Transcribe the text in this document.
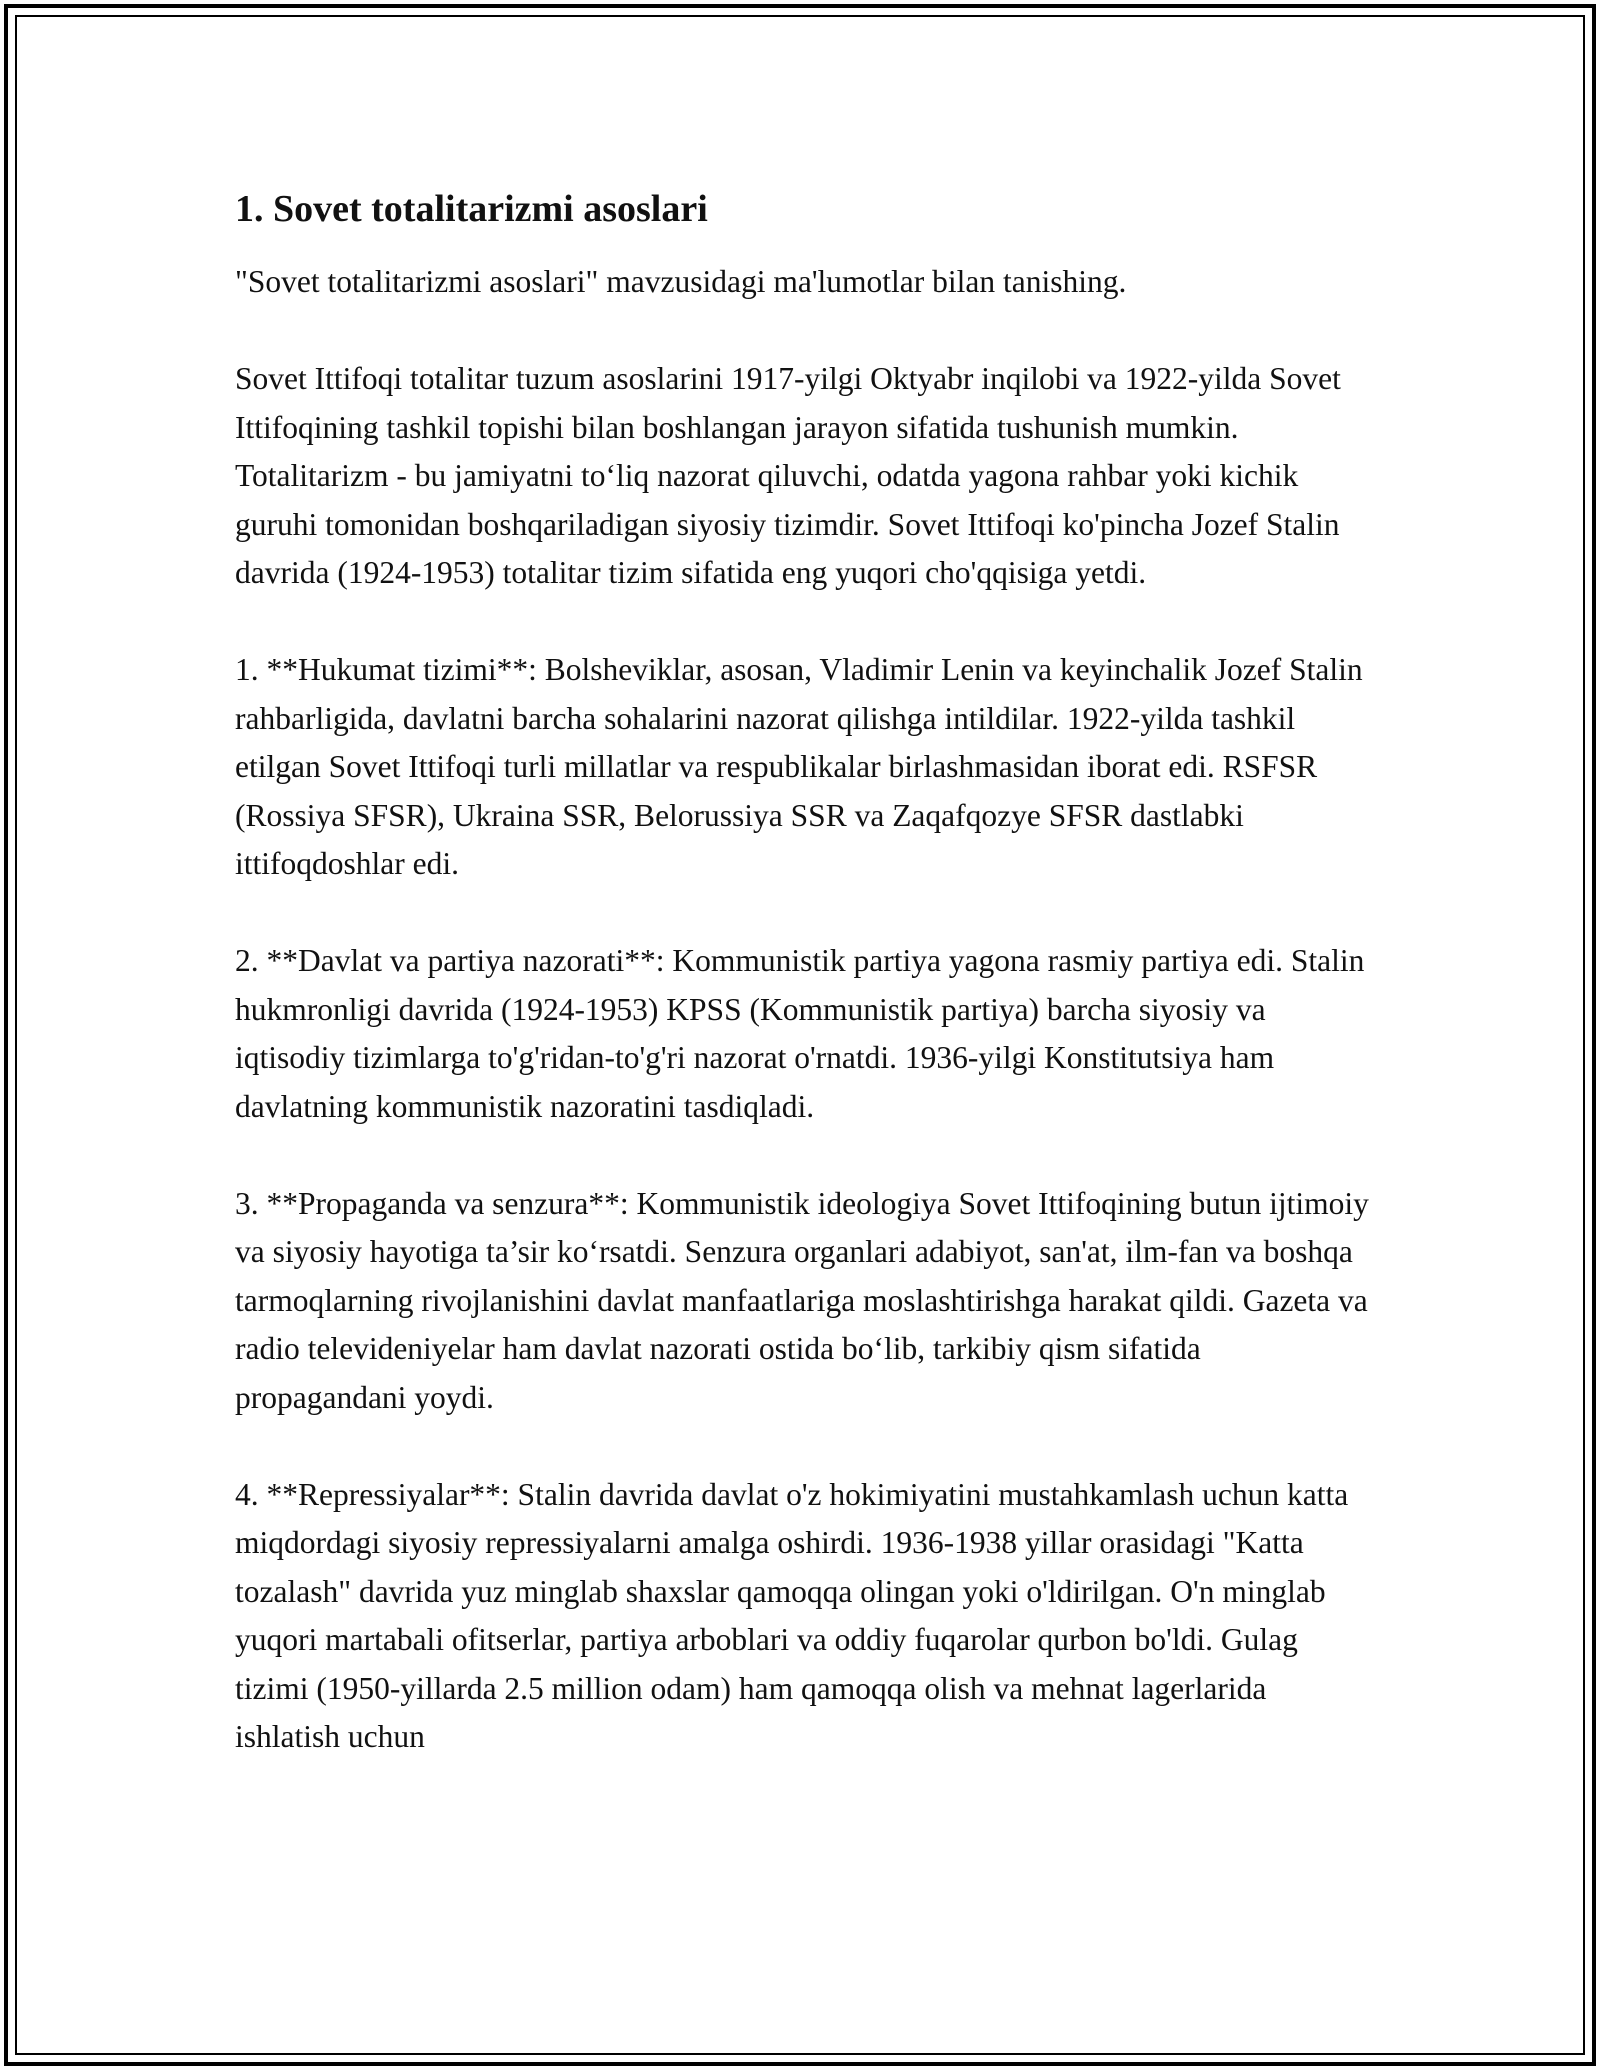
1. Sovet totalitarizmi asoslari

"Sovet totalitarizmi asoslari" mavzusidagi ma'lumotlar bilan tanishing.

Sovet Ittifoqi totalitar tuzum asoslarini 1917-yilgi Oktyabr inqilobi va 1922-yilda Sovet Ittifoqining tashkil topishi bilan boshlangan jarayon sifatida tushunish mumkin. Totalitarizm - bu jamiyatni to‘liq nazorat qiluvchi, odatda yagona rahbar yoki kichik guruhi tomonidan boshqariladigan siyosiy tizimdir. Sovet Ittifoqi ko'pincha Jozef Stalin davrida (1924-1953) totalitar tizim sifatida eng yuqori cho'qqisiga yetdi.

1. **Hukumat tizimi**: Bolsheviklar, asosan, Vladimir Lenin va keyinchalik Jozef Stalin rahbarligida, davlatni barcha sohalarini nazorat qilishga intildilar. 1922-yilda tashkil etilgan Sovet Ittifoqi turli millatlar va respublikalar birlashmasidan iborat edi. RSFSR (Rossiya SFSR), Ukraina SSR, Belorussiya SSR va Zaqafqozye SFSR dastlabki ittifoqdoshlar edi.

2. **Davlat va partiya nazorati**: Kommunistik partiya yagona rasmiy partiya edi. Stalin hukmronligi davrida (1924-1953) KPSS (Kommunistik partiya) barcha siyosiy va iqtisodiy tizimlarga to'g'ridan-to'g'ri nazorat o'rnatdi. 1936-yilgi Konstitutsiya ham davlatning kommunistik nazoratini tasdiqladi.

3. **Propaganda va senzura**: Kommunistik ideologiya Sovet Ittifoqining butun ijtimoiy va siyosiy hayotiga ta’sir ko‘rsatdi. Senzura organlari adabiyot, san'at, ilm-fan va boshqa tarmoqlarning rivojlanishini davlat manfaatlariga moslashtirishga harakat qildi. Gazeta va radio televideniyelar ham davlat nazorati ostida bo‘lib, tarkibiy qism sifatida propagandani yoydi.

4. **Repressiyalar**: Stalin davrida davlat o'z hokimiyatini mustahkamlash uchun katta miqdordagi siyosiy repressiyalarni amalga oshirdi. 1936-1938 yillar orasidagi "Katta tozalash" davrida yuz minglab shaxslar qamoqqa olingan yoki o'ldirilgan. O'n minglab yuqori martabali ofitserlar, partiya arboblari va oddiy fuqarolar qurbon bo'ldi. Gulag tizimi (1950-yillarda 2.5 million odam) ham qamoqqa olish va mehnat lagerlarida ishlatish uchun
